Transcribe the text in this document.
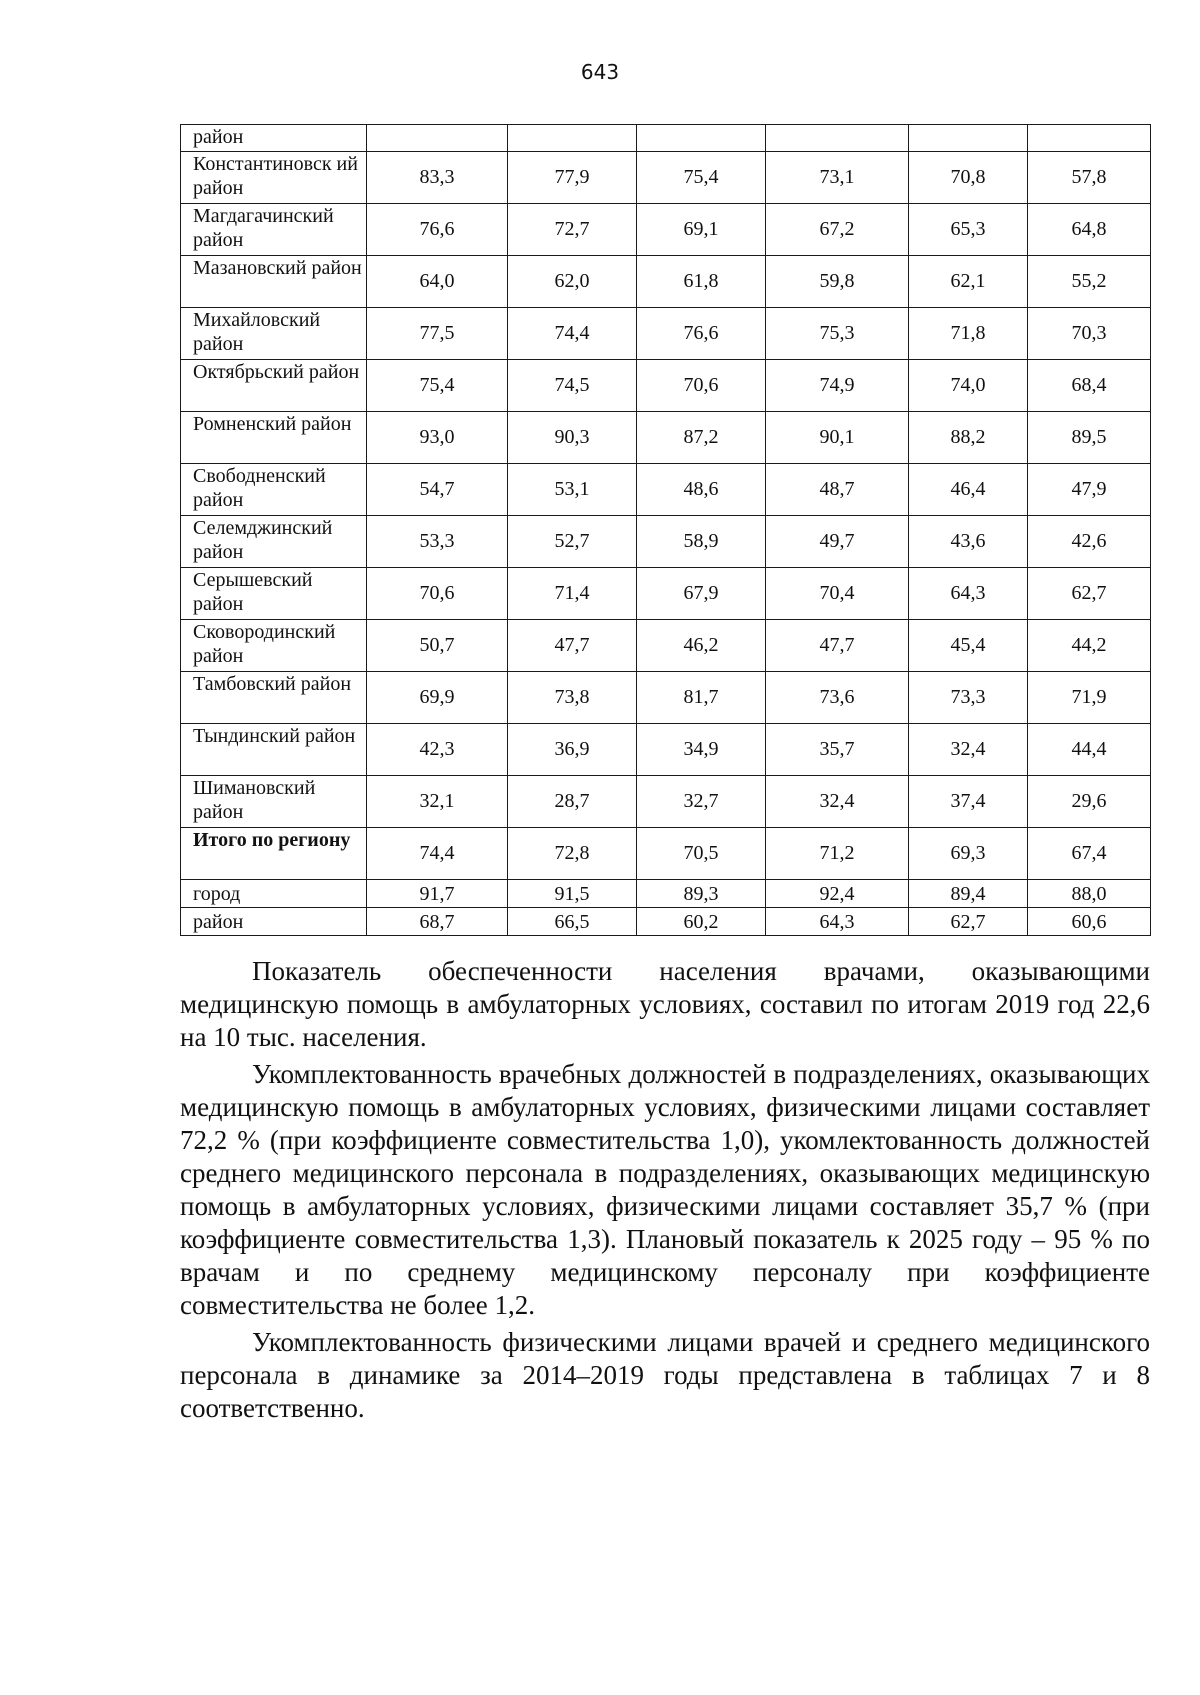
643
район						
Константиновск ий район	83,3	77,9	75,4	73,1	70,8	57,8
Магдагачинский район	76,6	72,7	69,1	67,2	65,3	64,8
Мазановский район	64,0	62,0	61,8	59,8	62,1	55,2
Михайловский район	77,5	74,4	76,6	75,3	71,8	70,3
Октябрьский район	75,4	74,5	70,6	74,9	74,0	68,4
Ромненский район	93,0	90,3	87,2	90,1	88,2	89,5
Свободненский район	54,7	53,1	48,6	48,7	46,4	47,9
Селемджинский район	53,3	52,7	58,9	49,7	43,6	42,6
Серышевский район	70,6	71,4	67,9	70,4	64,3	62,7
Сковородинский район	50,7	47,7	46,2	47,7	45,4	44,2
Тамбовский район	69,9	73,8	81,7	73,6	73,3	71,9
Тындинский район	42,3	36,9	34,9	35,7	32,4	44,4
Шимановский район	32,1	28,7	32,7	32,4	37,4	29,6
Итого по региону	74,4	72,8	70,5	71,2	69,3	67,4
город	91,7	91,5	89,3	92,4	89,4	88,0
район	68,7	66,5	60,2	64,3	62,7	60,6

Показатель обеспеченности населения врачами, оказывающими медицинскую помощь в амбулаторных условиях, составил по итогам 2019 год 22,6 на 10 тыс. населения.

Укомплектованность врачебных должностей в подразделениях, оказывающих медицинскую помощь в амбулаторных условиях, физическими лицами составляет 72,2 % (при коэффициенте совместительства 1,0), укомлектованность должностей среднего медицинского персонала в подразделениях, оказывающих медицинскую помощь в амбулаторных условиях, физическими лицами составляет 35,7 % (при коэффициенте совместительства 1,3). Плановый показатель к 2025 году – 95 % по врачам и по среднему медицинскому персоналу при коэффициенте совместительства не более 1,2.

Укомплектованность физическими лицами врачей и среднего медицинского персонала в динамике за 2014–2019 годы представлена в таблицах 7 и 8 соответственно.
